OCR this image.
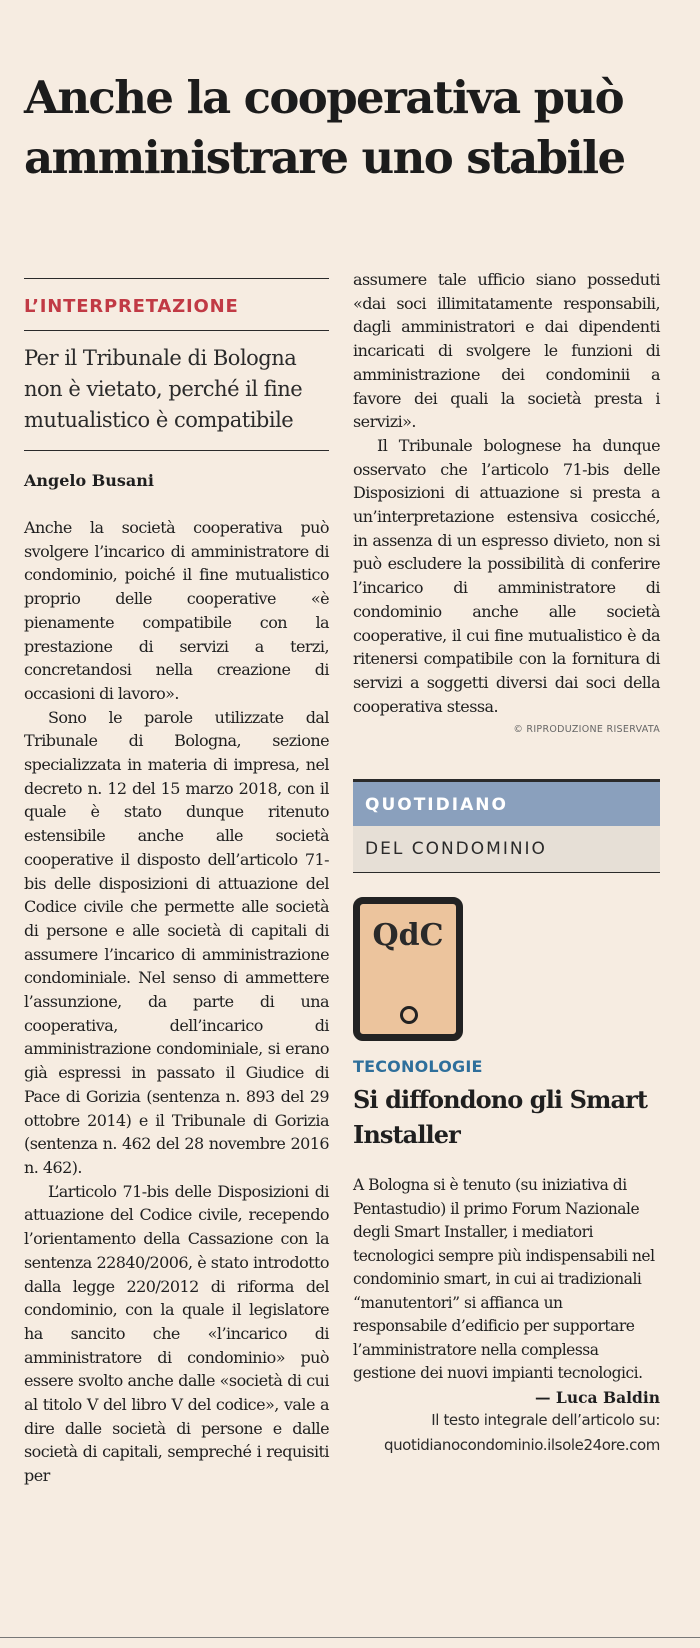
Anche la cooperativa può amministrare uno stabile
L’INTERPRETAZIONE
Per il Tribunale di Bologna non è vietato, perché il fine mutualistico è compatibile
Angelo Busani

Anche la società cooperativa può svolgere l’incarico di amministratore di condominio, poiché il fine mutualistico proprio delle cooperative «è pienamente compatibile con la prestazione di servizi a terzi, concretandosi nella creazione di occasioni di lavoro».

Sono le parole utilizzate dal Tribunale di Bologna, sezione specializzata in materia di impresa, nel decreto n. 12 del 15 marzo 2018, con il quale è stato dunque ritenuto estensibile anche alle società cooperative il disposto dell’articolo 71-bis delle disposizioni di attuazione del Codice civile che permette alle società di persone e alle società di capitali di assumere l’incarico di amministrazione condominiale. Nel senso di ammettere l’assunzione, da parte di una cooperativa, dell’incarico di amministrazione condominiale, si erano già espressi in passato il Giudice di Pace di Gorizia (sentenza n. 893 del 29 ottobre 2014) e il Tribunale di Gorizia (sentenza n. 462 del 28 novembre 2016 n. 462).

L’articolo 71-bis delle Disposizioni di attuazione del Codice civile, recependo l’orientamento della Cassazione con la sentenza 22840/2006, è stato introdotto dalla legge 220/2012 di riforma del condominio, con la quale il legislatore ha sancito che «l’incarico di amministratore di condominio» può essere svolto anche dalle «società di cui al titolo V del libro V del codice», vale a dire dalle società di persone e dalle società di capitali, sempreché i requisiti per

assumere tale ufficio siano posseduti «dai soci illimitatamente responsabili, dagli amministratori e dai dipendenti incaricati di svolgere le funzioni di amministrazione dei condominii a favore dei quali la società presta i servizi».

Il Tribunale bolognese ha dunque osservato che l’articolo 71-bis delle Disposizioni di attuazione si presta a un’interpretazione estensiva cosicché, in assenza di un espresso divieto, non si può escludere la possibilità di conferire l’incarico di amministratore di condominio anche alle società cooperative, il cui fine mutualistico è da ritenersi compatibile con la fornitura di servizi a soggetti diversi dai soci della cooperativa stessa.

© RIPRODUZIONE RISERVATA
QUOTIDIANO
DEL CONDOMINIO
QdC
TECONOLOGIE
Si diffondono gli Smart Installer
A Bologna si è tenuto (su iniziativa di Pentastudio) il primo Forum Nazionale degli Smart Installer, i mediatori tecnologici sempre più indispensabili nel condominio smart, in cui ai tradizionali “manutentori” si affianca un responsabile d’edificio per supportare l’amministratore nella complessa gestione dei nuovi impianti tecnologici.
— Luca Baldin
Il testo integrale dell’articolo su:
quotidianocondominio.ilsole24ore.com
